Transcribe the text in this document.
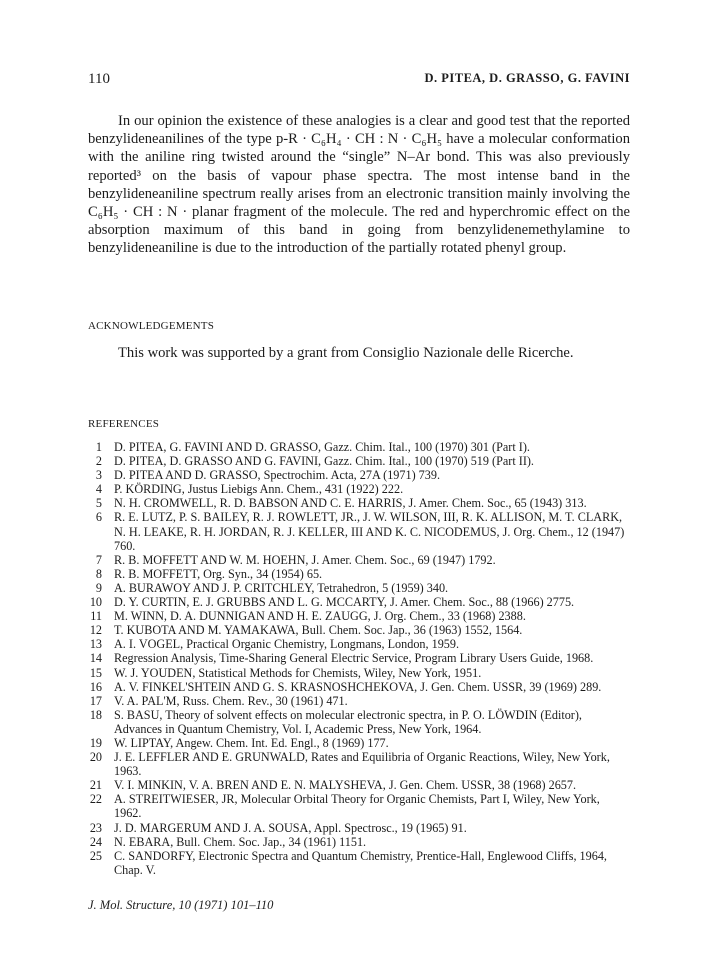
110	D. PITEA, D. GRASSO, G. FAVINI

In our opinion the existence of these analogies is a clear and good test that the reported benzylideneanilines of the type p-R · C₆H₄ · CH : N · C₆H₅ have a molecular conformation with the aniline ring twisted around the “single” N–Ar bond. This was also previously reported³ on the basis of vapour phase spectra. The most intense band in the benzylideneaniline spectrum really arises from an electronic transition mainly involving the C₆H₅ · CH : N · planar fragment of the molecule. The red and hyperchromic effect on the absorption maximum of this band in going from benzylidenemethylamine to benzylideneaniline is due to the introduction of the partially rotated phenyl group.

ACKNOWLEDGEMENTS

This work was supported by a grant from Consiglio Nazionale delle Ricerche.

REFERENCES
1 D. PITEA, G. FAVINI AND D. GRASSO, Gazz. Chim. Ital., 100 (1970) 301 (Part I).
2 D. PITEA, D. GRASSO AND G. FAVINI, Gazz. Chim. Ital., 100 (1970) 519 (Part II).
3 D. PITEA AND D. GRASSO, Spectrochim. Acta, 27A (1971) 739.
4 P. KÖRDING, Justus Liebigs Ann. Chem., 431 (1922) 222.
5 N. H. CROMWELL, R. D. BABSON AND C. E. HARRIS, J. Amer. Chem. Soc., 65 (1943) 313.
6 R. E. LUTZ, P. S. BAILEY, R. J. ROWLETT, JR., J. W. WILSON, III, R. K. ALLISON, M. T. CLARK, N. H. LEAKE, R. H. JORDAN, R. J. KELLER, III AND K. C. NICODEMUS, J. Org. Chem., 12 (1947) 760.
7 R. B. MOFFETT AND W. M. HOEHN, J. Amer. Chem. Soc., 69 (1947) 1792.
8 R. B. MOFFETT, Org. Syn., 34 (1954) 65.
9 A. BURAWOY AND J. P. CRITCHLEY, Tetrahedron, 5 (1959) 340.
10 D. Y. CURTIN, E. J. GRUBBS AND L. G. MCCARTY, J. Amer. Chem. Soc., 88 (1966) 2775.
11 M. WINN, D. A. DUNNIGAN AND H. E. ZAUGG, J. Org. Chem., 33 (1968) 2388.
12 T. KUBOTA AND M. YAMAKAWA, Bull. Chem. Soc. Jap., 36 (1963) 1552, 1564.
13 A. I. VOGEL, Practical Organic Chemistry, Longmans, London, 1959.
14 Regression Analysis, Time-Sharing General Electric Service, Program Library Users Guide, 1968.
15 W. J. YOUDEN, Statistical Methods for Chemists, Wiley, New York, 1951.
16 A. V. FINKEL'SHTEIN AND G. S. KRASNOSHCHEKOVA, J. Gen. Chem. USSR, 39 (1969) 289.
17 V. A. PAL'M, Russ. Chem. Rev., 30 (1961) 471.
18 S. BASU, Theory of solvent effects on molecular electronic spectra, in P. O. LÖWDIN (Editor), Advances in Quantum Chemistry, Vol. I, Academic Press, New York, 1964.
19 W. LIPTAY, Angew. Chem. Int. Ed. Engl., 8 (1969) 177.
20 J. E. LEFFLER AND E. GRUNWALD, Rates and Equilibria of Organic Reactions, Wiley, New York, 1963.
21 V. I. MINKIN, V. A. BREN AND E. N. MALYSHEVA, J. Gen. Chem. USSR, 38 (1968) 2657.
22 A. STREITWIESER, JR, Molecular Orbital Theory for Organic Chemists, Part I, Wiley, New York, 1962.
23 J. D. MARGERUM AND J. A. SOUSA, Appl. Spectrosc., 19 (1965) 91.
24 N. EBARA, Bull. Chem. Soc. Jap., 34 (1961) 1151.
25 C. SANDORFY, Electronic Spectra and Quantum Chemistry, Prentice-Hall, Englewood Cliffs, 1964, Chap. V.
J. Mol. Structure, 10 (1971) 101–110
